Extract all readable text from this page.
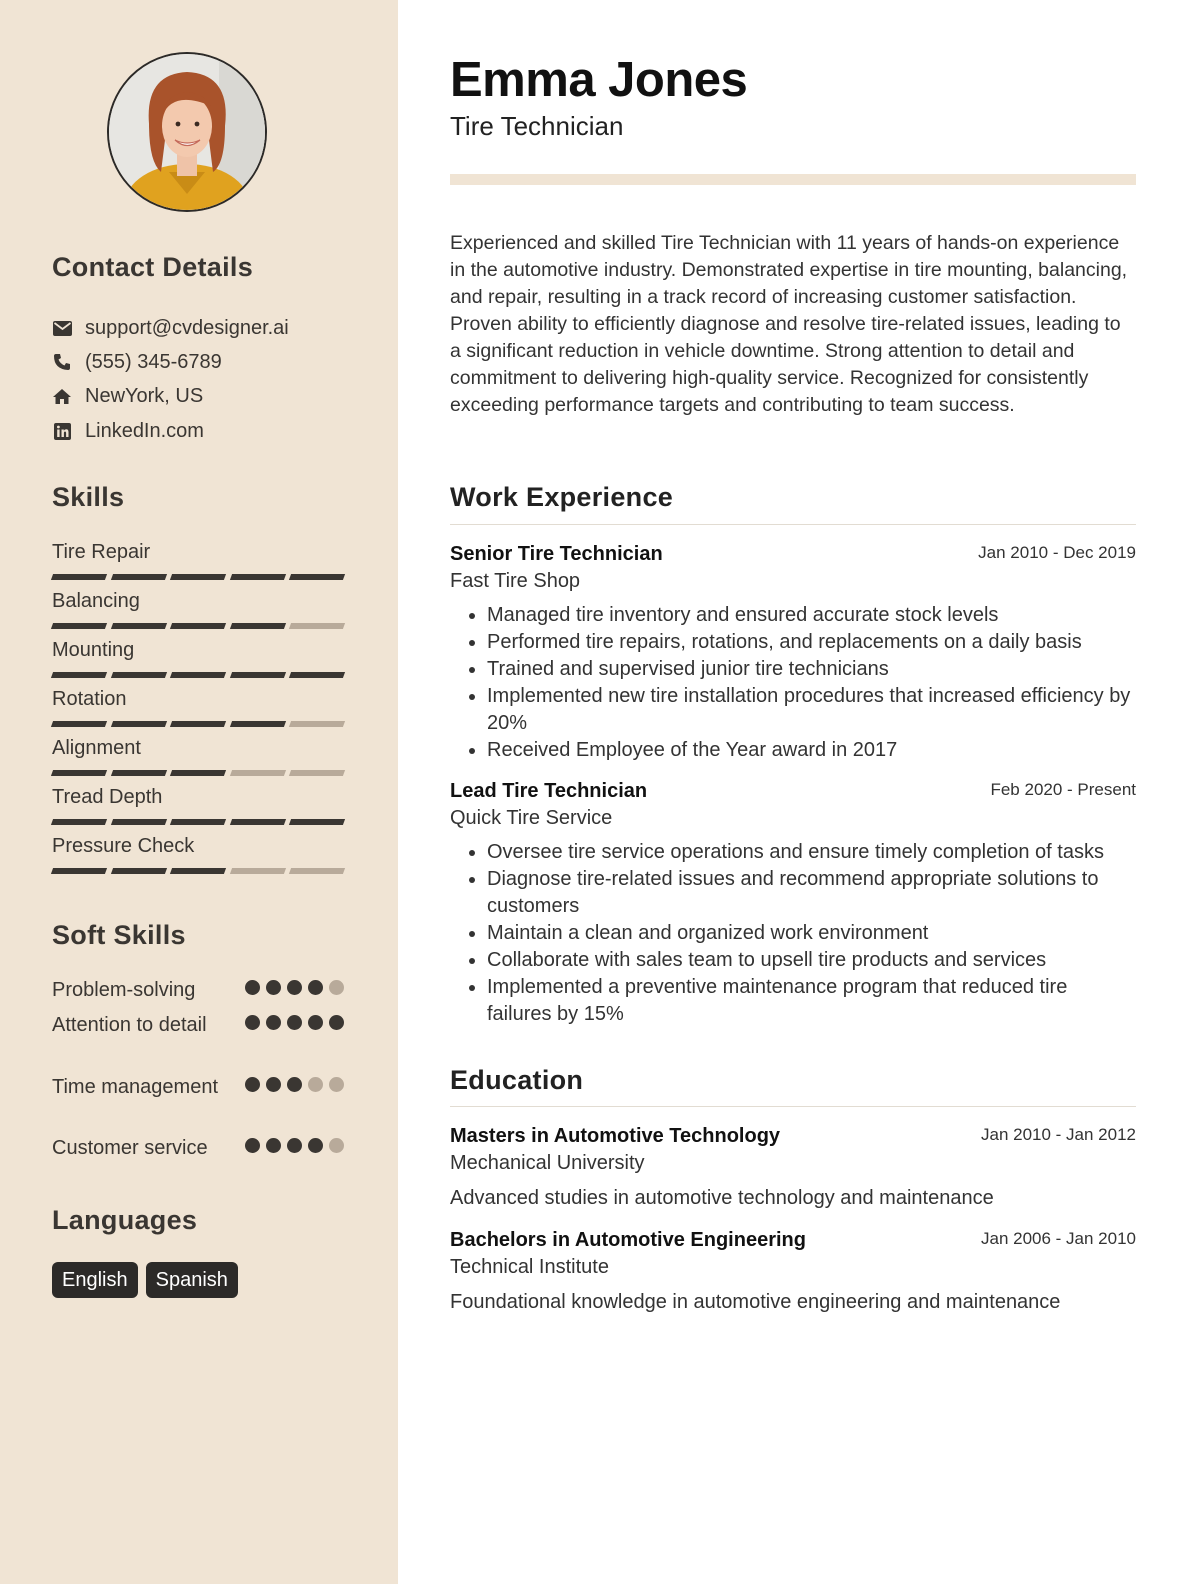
Contact Details
support@cvdesigner.ai
(555) 345-6789
NewYork, US
LinkedIn.com
Skills
Tire Repair
Balancing
Mounting
Rotation
Alignment
Tread Depth
Pressure Check
Soft Skills
Problem-solving
Attention to detail
Time management
Customer service
Languages
English	Spanish
Emma Jones
Tire Technician

Experienced and skilled Tire Technician with 11 years of hands-on experience in the automotive industry. Demonstrated expertise in tire mounting, balancing, and repair, resulting in a track record of increasing customer satisfaction. Proven ability to efficiently diagnose and resolve tire-related issues, leading to a significant reduction in vehicle downtime. Strong attention to detail and commitment to delivering high-quality service. Recognized for consistently exceeding performance targets and contributing to team success.

Work Experience
Senior Tire Technician	Jan 2010 - Dec 2019
Fast Tire Shop
• Managed tire inventory and ensured accurate stock levels
• Performed tire repairs, rotations, and replacements on a daily basis
• Trained and supervised junior tire technicians
• Implemented new tire installation procedures that increased efficiency by 20%
• Received Employee of the Year award in 2017
Lead Tire Technician	Feb 2020 - Present
Quick Tire Service
• Oversee tire service operations and ensure timely completion of tasks
• Diagnose tire-related issues and recommend appropriate solutions to customers
• Maintain a clean and organized work environment
• Collaborate with sales team to upsell tire products and services
• Implemented a preventive maintenance program that reduced tire failures by 15%
Education
Masters in Automotive Technology	Jan 2010 - Jan 2012
Mechanical University
Advanced studies in automotive technology and maintenance
Bachelors in Automotive Engineering	Jan 2006 - Jan 2010
Technical Institute
Foundational knowledge in automotive engineering and maintenance
